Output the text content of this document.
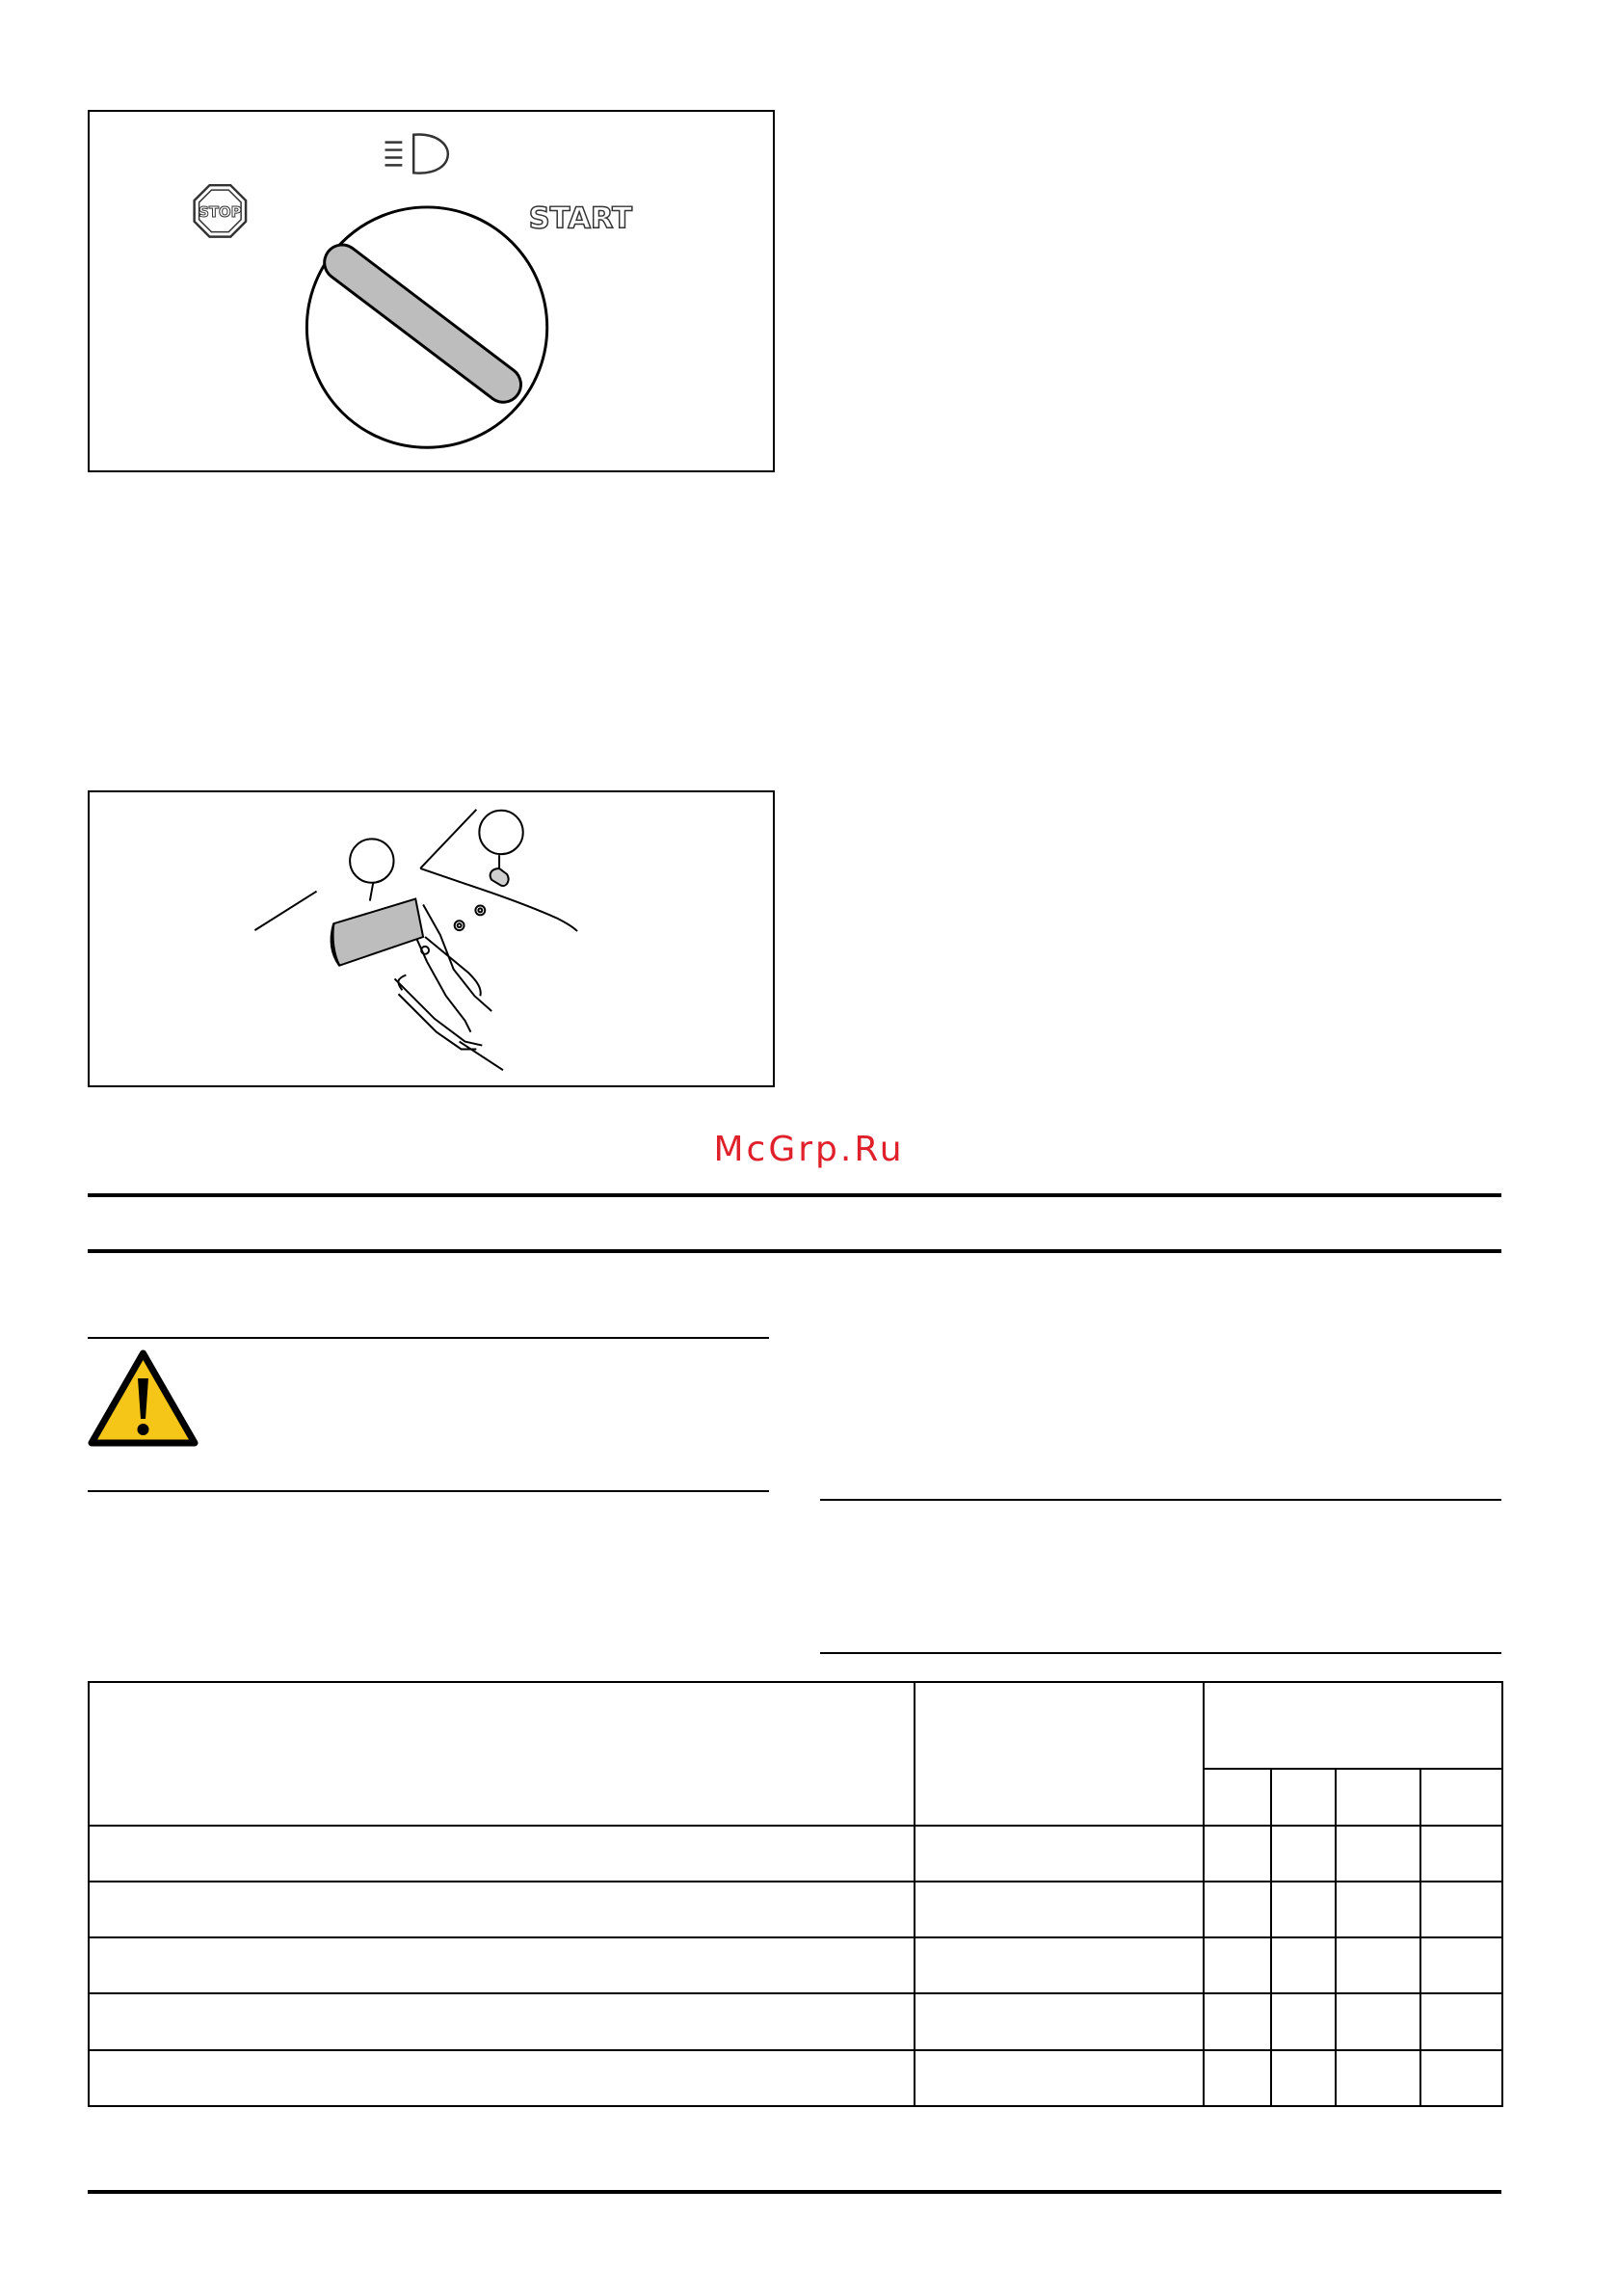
STOP	START
McGrp.Ru
